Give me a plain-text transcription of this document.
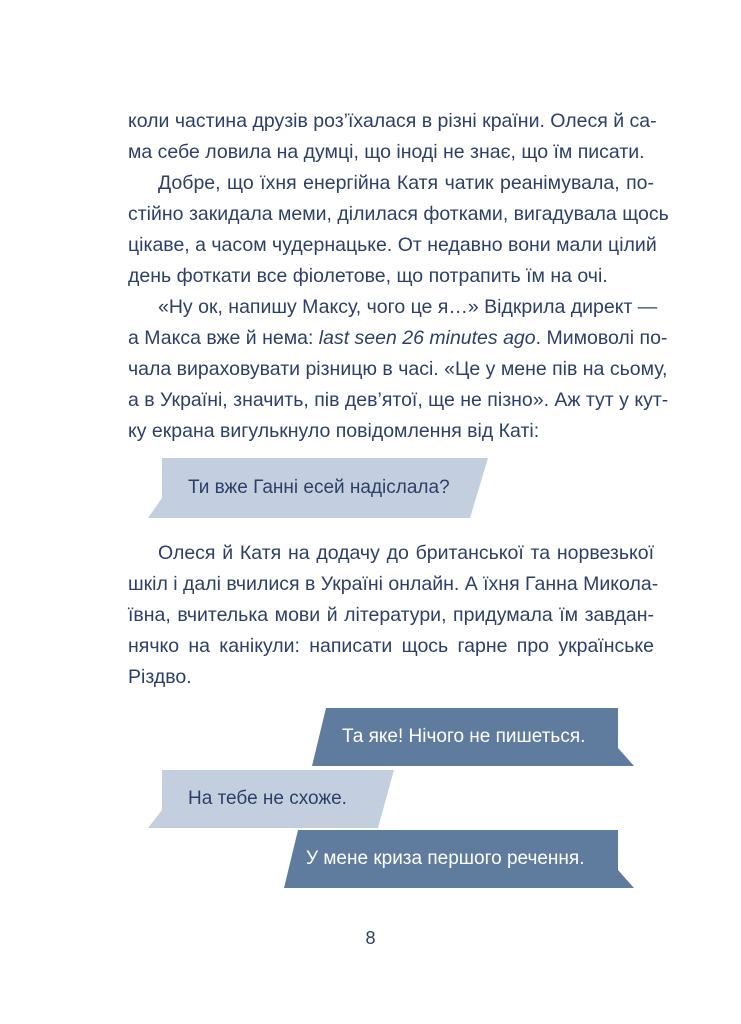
коли частина друзів роз’їхалася в різні країни. Олеся й са-
ма себе ловила на думці, що іноді не знає, що їм писати.
Добре, що їхня енергійна Катя чатик реанімувала, по-
стійно закидала меми, ділилася фотками, вигадувала щось
цікаве, а часом чудернацьке. От недавно вони мали цілий
день фоткати все фіолетове, що потрапить їм на очі.
«Ну ок, напишу Максу, чого це я…» Відкрила директ —
а Макса вже й нема: last seen 26 minutes ago. Мимоволі по-
чала вираховувати різницю в часі. «Це у мене пів на сьому,
а в Україні, значить, пів дев’ятої, ще не пізно». Аж тут у кут-
ку екрана вигулькнуло повідомлення від Каті:
Ти вже Ганні есей надіслала?
Олеся й Катя на додачу до британської та норвезької
шкіл і далі вчилися в Україні онлайн. А їхня Ганна Микола-
ївна, вчителька мови й літератури, придумала їм завдан-
нячко на канікули: написати щось гарне про українське
Різдво.
Та яке! Нічого не пишеться.
На тебе не схоже.
У мене криза першого речення.
8
